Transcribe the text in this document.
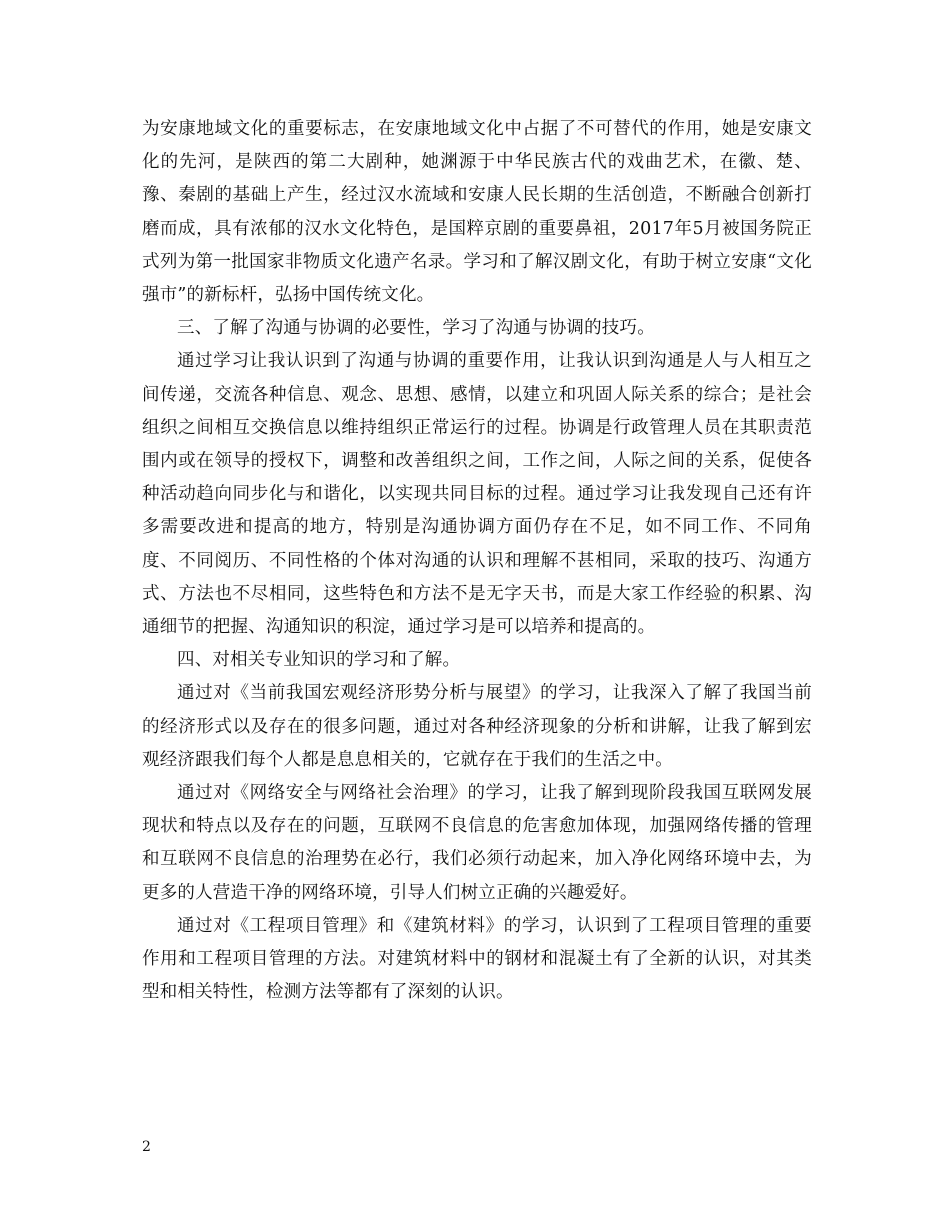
为安康地域文化的重要标志，在安康地域文化中占据了不可替代的作用，她是安康文化的先河，是陕西的第二大剧种，她渊源于中华民族古代的戏曲艺术，在徽、楚、豫、秦剧的基础上产生，经过汉水流域和安康人民长期的生活创造，不断融合创新打磨而成，具有浓郁的汉水文化特色，是国粹京剧的重要鼻祖，2017年5月被国务院正式列为第一批国家非物质文化遗产名录。学习和了解汉剧文化，有助于树立安康“文化强市”的新标杆，弘扬中国传统文化。

三、了解了沟通与协调的必要性，学习了沟通与协调的技巧。

通过学习让我认识到了沟通与协调的重要作用，让我认识到沟通是人与人相互之间传递，交流各种信息、观念、思想、感情，以建立和巩固人际关系的综合；是社会组织之间相互交换信息以维持组织正常运行的过程。协调是行政管理人员在其职责范围内或在领导的授权下，调整和改善组织之间，工作之间，人际之间的关系，促使各种活动趋向同步化与和谐化，以实现共同目标的过程。通过学习让我发现自己还有许多需要改进和提高的地方，特别是沟通协调方面仍存在不足，如不同工作、不同角度、不同阅历、不同性格的个体对沟通的认识和理解不甚相同，采取的技巧、沟通方式、方法也不尽相同，这些特色和方法不是无字天书，而是大家工作经验的积累、沟通细节的把握、沟通知识的积淀，通过学习是可以培养和提高的。

四、对相关专业知识的学习和了解。

通过对《当前我国宏观经济形势分析与展望》的学习，让我深入了解了我国当前的经济形式以及存在的很多问题，通过对各种经济现象的分析和讲解，让我了解到宏观经济跟我们每个人都是息息相关的，它就存在于我们的生活之中。

通过对《网络安全与网络社会治理》的学习，让我了解到现阶段我国互联网发展现状和特点以及存在的问题，互联网不良信息的危害愈加体现，加强网络传播的管理和互联网不良信息的治理势在必行，我们必须行动起来，加入净化网络环境中去，为更多的人营造干净的网络环境，引导人们树立正确的兴趣爱好。

通过对《工程项目管理》和《建筑材料》的学习，认识到了工程项目管理的重要作用和工程项目管理的方法。对建筑材料中的钢材和混凝土有了全新的认识，对其类型和相关特性，检测方法等都有了深刻的认识。

2
